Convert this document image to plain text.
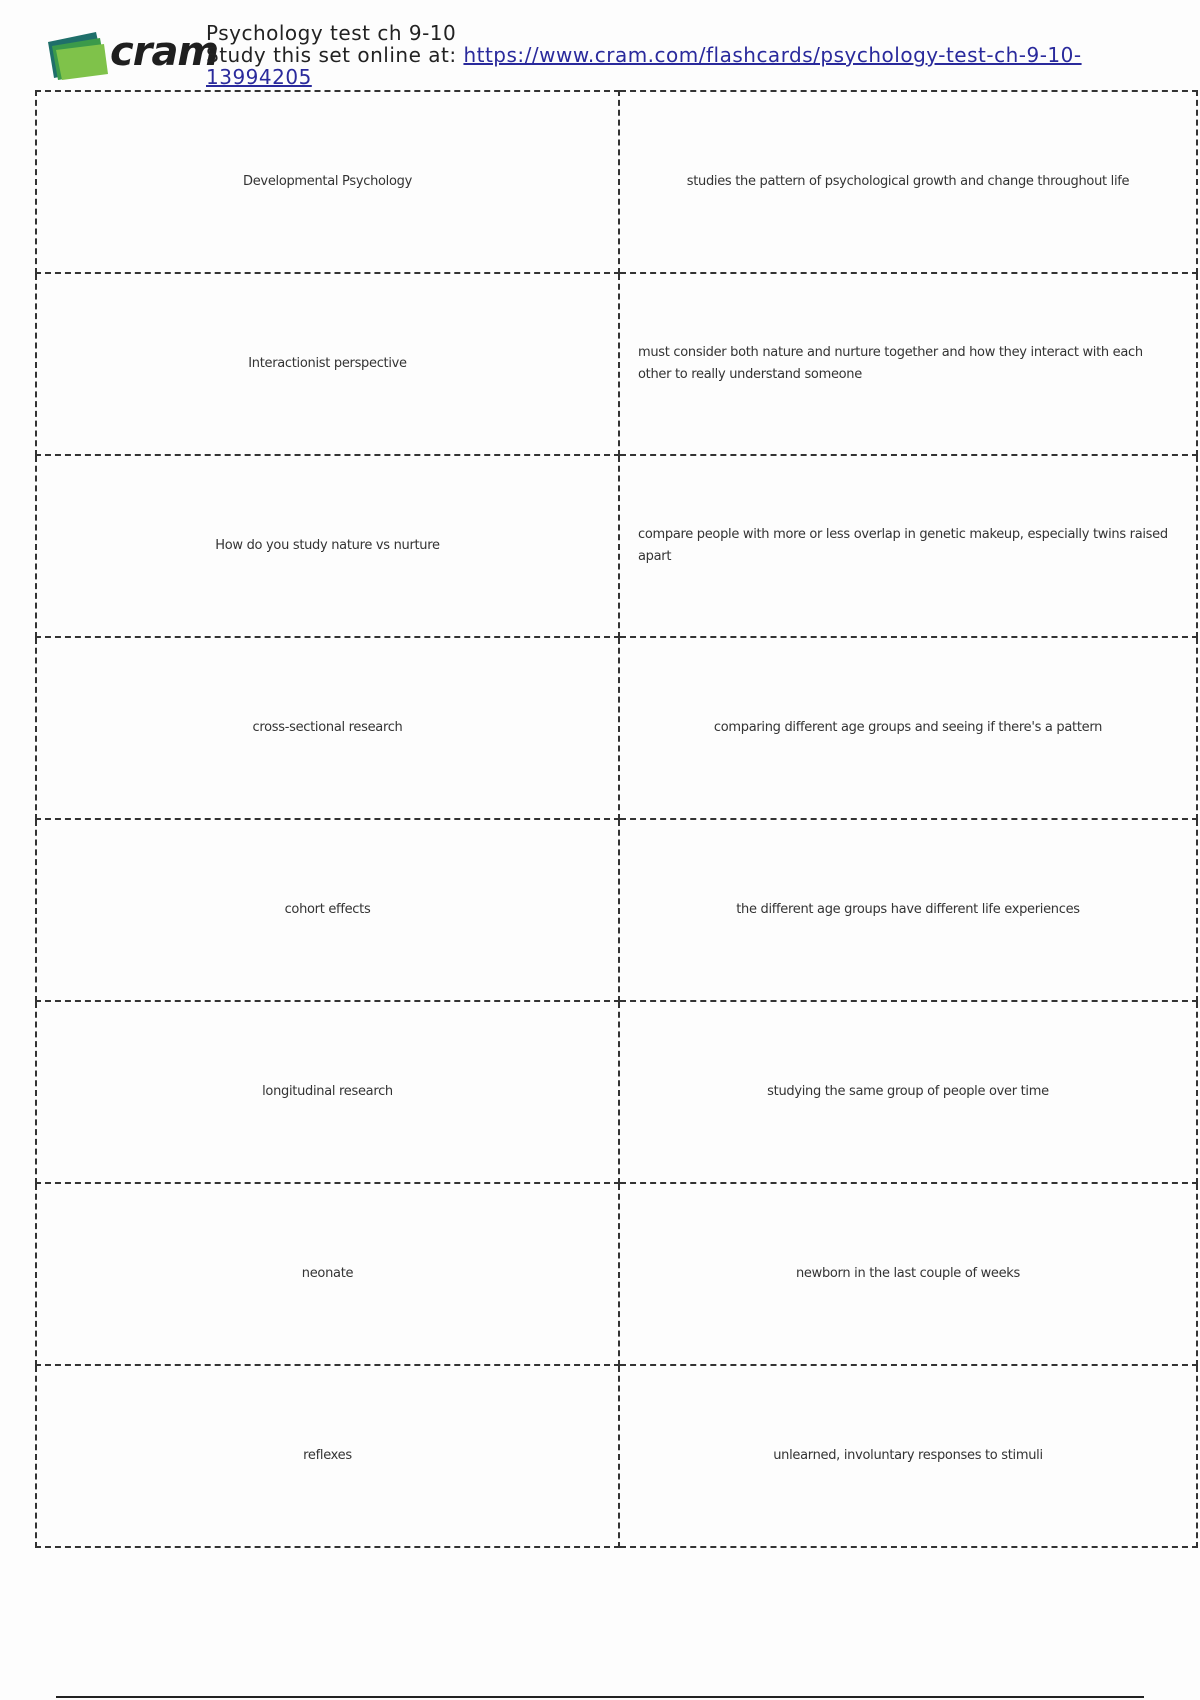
cram
Psychology test ch 9-10
Study this set online at: https://www.cram.com/flashcards/psychology-test-ch-9-10-13994205
Developmental Psychology	studies the pattern of psychological growth and change throughout life
Interactionist perspective	must consider both nature and nurture together and how they interact with each other to really understand someone
How do you study nature vs nurture	compare people with more or less overlap in genetic makeup, especially twins raised apart
cross-sectional research	comparing different age groups and seeing if there's a pattern
cohort effects	the different age groups have different life experiences
longitudinal research	studying the same group of people over time
neonate	newborn in the last couple of weeks
reflexes	unlearned, involuntary responses to stimuli
